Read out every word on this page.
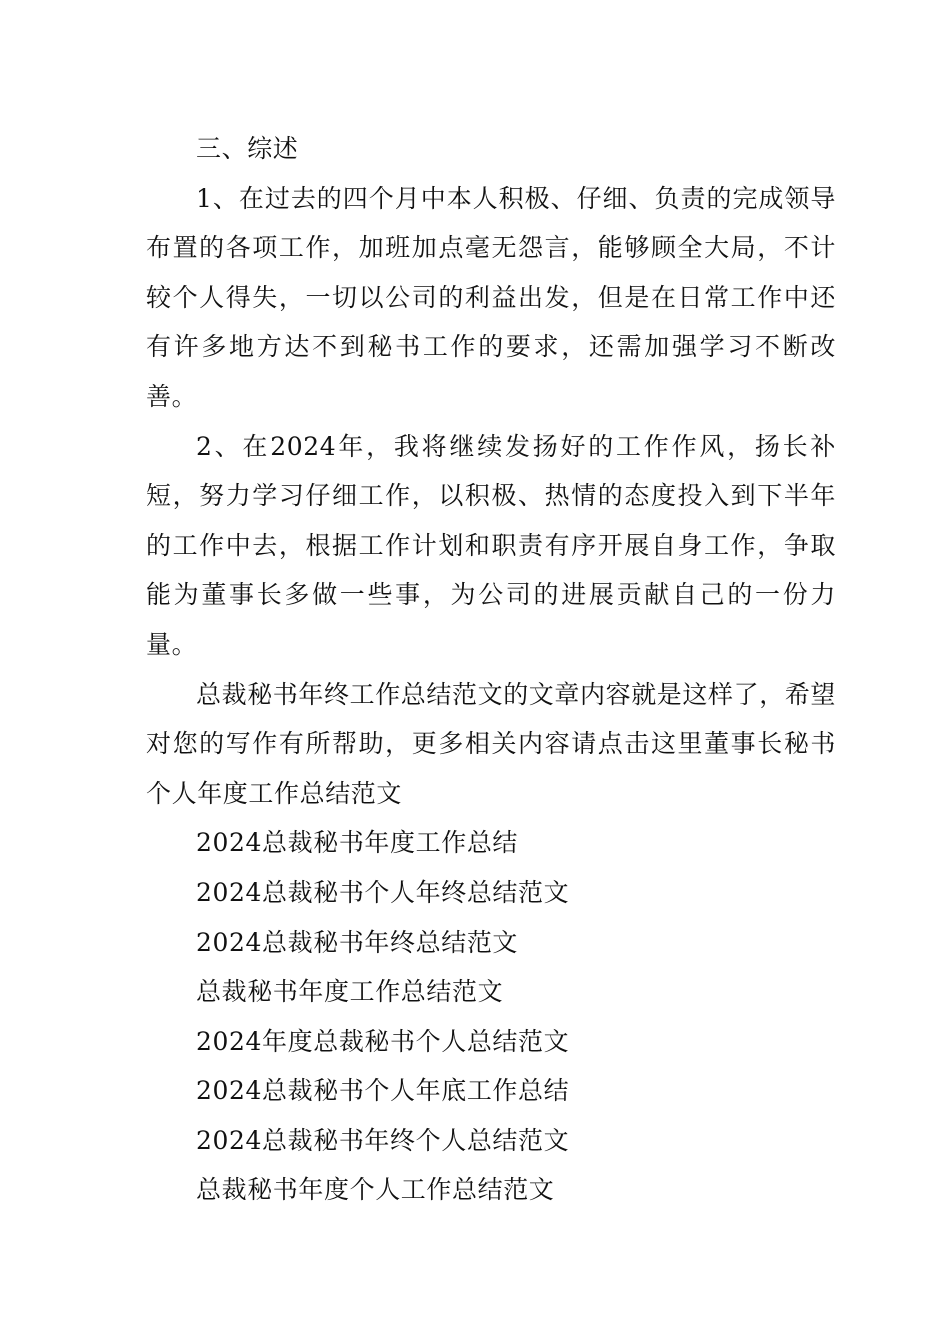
三、综述

1、在过去的四个月中本人积极、仔细、负责的完成领导布置的各项工作，加班加点毫无怨言，能够顾全大局，不计较个人得失，一切以公司的利益出发，但是在日常工作中还有许多地方达不到秘书工作的要求，还需加强学习不断改善。

2、在2024年，我将继续发扬好的工作作风，扬长补短，努力学习仔细工作，以积极、热情的态度投入到下半年的工作中去，根据工作计划和职责有序开展自身工作，争取能为董事长多做一些事，为公司的进展贡献自己的一份力量。

总裁秘书年终工作总结范文的文章内容就是这样了，希望对您的写作有所帮助，更多相关内容请点击这里董事长秘书个人年度工作总结范文

2024总裁秘书年度工作总结
2024总裁秘书个人年终总结范文
2024总裁秘书年终总结范文
总裁秘书年度工作总结范文
2024年度总裁秘书个人总结范文
2024总裁秘书个人年底工作总结
2024总裁秘书年终个人总结范文
总裁秘书年度个人工作总结范文
